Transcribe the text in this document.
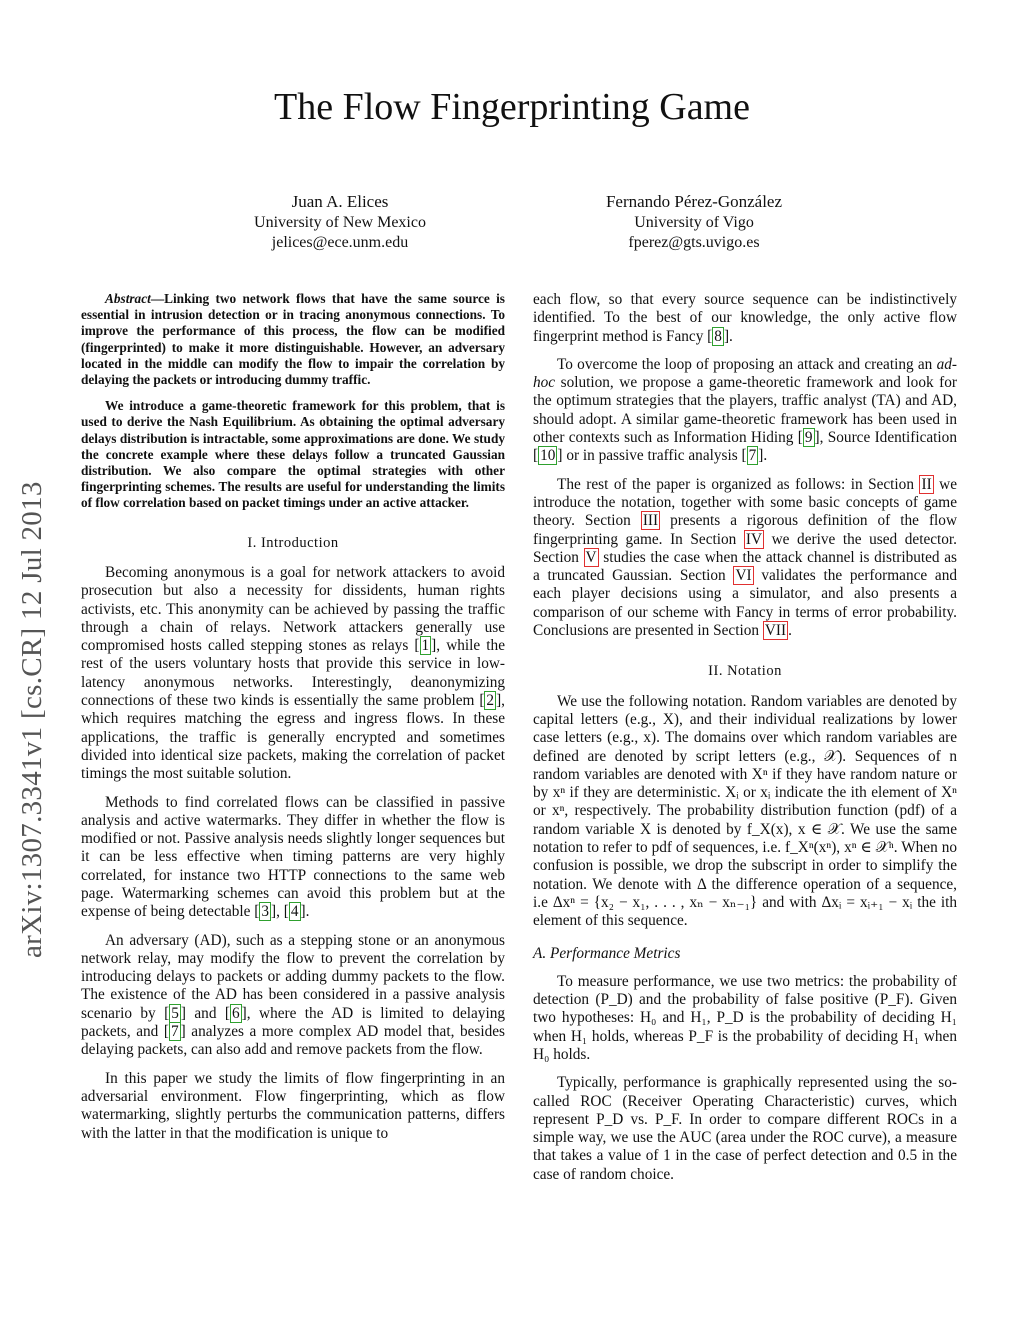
arXiv:1307.3341v1 [cs.CR] 12 Jul 2013
The Flow Fingerprinting Game
Juan A. Elices
University of New Mexico
jelices@ece.unm.edu
Fernando Pérez-González
University of Vigo
fperez@gts.uvigo.es

Abstract—Linking two network flows that have the same source is essential in intrusion detection or in tracing anonymous connections. To improve the performance of this process, the flow can be modified (fingerprinted) to make it more distinguishable. However, an adversary located in the middle can modify the flow to impair the correlation by delaying the packets or introducing dummy traffic.

We introduce a game-theoretic framework for this problem, that is used to derive the Nash Equilibrium. As obtaining the optimal adversary delays distribution is intractable, some approximations are done. We study the concrete example where these delays follow a truncated Gaussian distribution. We also compare the optimal strategies with other fingerprinting schemes. The results are useful for understanding the limits of flow correlation based on packet timings under an active attacker.

I. Introduction

Becoming anonymous is a goal for network attackers to avoid prosecution but also a necessity for dissidents, human rights activists, etc. This anonymity can be achieved by passing the traffic through a chain of relays. Network attackers generally use compromised hosts called stepping stones as relays [ 1 ], while the rest of the users voluntary hosts that provide this service in low-latency anonymous networks. Interestingly, deanonymizing connections of these two kinds is essentially the same problem [ 2 ], which requires matching the egress and ingress flows. In these applications, the traffic is generally encrypted and sometimes divided into identical size packets, making the correlation of packet timings the most suitable solution.

Methods to find correlated flows can be classified in passive analysis and active watermarks. They differ in whether the flow is modified or not. Passive analysis needs slightly longer sequences but it can be less effective when timing patterns are very highly correlated, for instance two HTTP connections to the same web page. Watermarking schemes can avoid this problem but at the expense of being detectable [ 3 ], [ 4 ].

An adversary (AD), such as a stepping stone or an anonymous network relay, may modify the flow to prevent the correlation by introducing delays to packets or adding dummy packets to the flow. The existence of the AD has been considered in a passive analysis scenario by [ 5 ] and [ 6 ], where the AD is limited to delaying packets, and [ 7 ] analyzes a more complex AD model that, besides delaying packets, can also add and remove packets from the flow.

In this paper we study the limits of flow fingerprinting in an adversarial environment. Flow fingerprinting, which as flow watermarking, slightly perturbs the communication patterns, differs with the latter in that the modification is unique to

each flow, so that every source sequence can be indistinctively identified. To the best of our knowledge, the only active flow fingerprint method is Fancy [ 8 ].

To overcome the loop of proposing an attack and creating an ad-hoc solution, we propose a game-theoretic framework and look for the optimum strategies that the players, traffic analyst (TA) and AD, should adopt. A similar game-theoretic framework has been used in other contexts such as Information Hiding [ 9 ], Source Identification [ 10 ] or in passive traffic analysis [ 7 ].

The rest of the paper is organized as follows: in Section II we introduce the notation, together with some basic concepts of game theory. Section III presents a rigorous definition of the flow fingerprinting game. In Section IV we derive the used detector. Section V studies the case when the attack channel is distributed as a truncated Gaussian. Section VI validates the performance and each player decisions using a simulator, and also presents a comparison of our scheme with Fancy in terms of error probability. Conclusions are presented in Section VII .

II. Notation

We use the following notation. Random variables are denoted by capital letters (e.g., X), and their individual realizations by lower case letters (e.g., x). The domains over which random variables are defined are denoted by script letters (e.g., 𝒳). Sequences of n random variables are denoted with Xⁿ if they have random nature or by xⁿ if they are deterministic. Xᵢ or xᵢ indicate the ith element of Xⁿ or xⁿ, respectively. The probability distribution function (pdf) of a random variable X is denoted by f_X(x), x ∈ 𝒳. We use the same notation to refer to pdf of sequences, i.e. f_Xⁿ(xⁿ), xⁿ ∈ 𝒳ⁿ. When no confusion is possible, we drop the subscript in order to simplify the notation. We denote with Δ the difference operation of a sequence, i.e Δxⁿ = {x₂ − x₁, . . . , xₙ − xₙ₋₁} and with Δxᵢ = xᵢ₊₁ − xᵢ the ith element of this sequence.

A. Performance Metrics

To measure performance, we use two metrics: the probability of detection (P_D) and the probability of false positive (P_F). Given two hypotheses: H₀ and H₁, P_D is the probability of deciding H₁ when H₁ holds, whereas P_F is the probability of deciding H₁ when H₀ holds.

Typically, performance is graphically represented using the so-called ROC (Receiver Operating Characteristic) curves, which represent P_D vs. P_F. In order to compare different ROCs in a simple way, we use the AUC (area under the ROC curve), a measure that takes a value of 1 in the case of perfect detection and 0.5 in the case of random choice.
